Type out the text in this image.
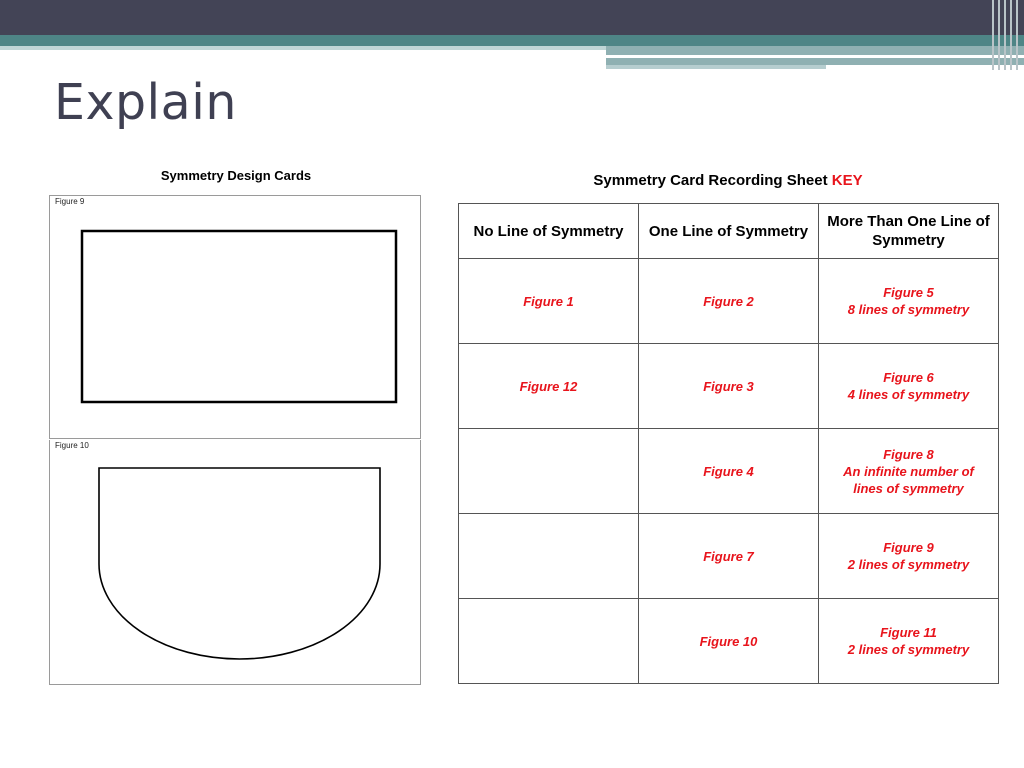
Explain
Symmetry Design Cards
Figure 9
Figure 10
Symmetry Card Recording Sheet KEY
No Line of Symmetry	One Line of Symmetry	More Than One Line of Symmetry
Figure 1	Figure 2	Figure 5
8 lines of symmetry

Figure 12	Figure 3	Figure 6
4 lines of symmetry

	Figure 4	Figure 8
An infinite number of
lines of symmetry

	Figure 7	Figure 9
2 lines of symmetry

	Figure 10	Figure 11
2 lines of symmetry
